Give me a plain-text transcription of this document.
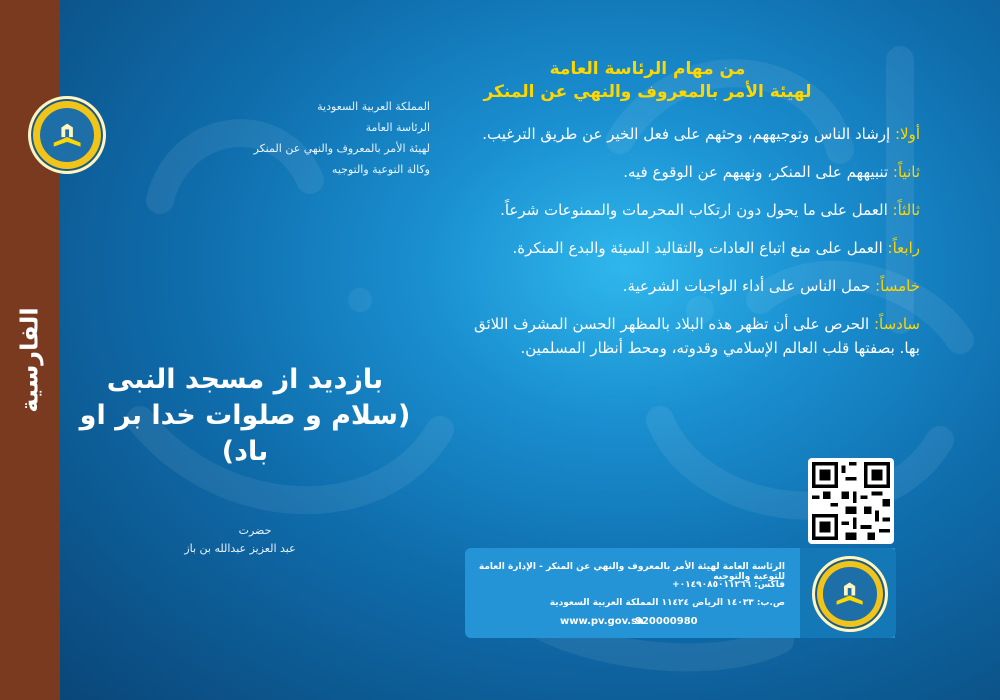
الفارسية
المملكة العربية السعودية
الرئاسة العامة
لهيئة الأمر بالمعروف والنهي عن المنكر
وكالة التوعية والتوجيه
بازديد از مسجد النبى
(سلام و صلوات خدا بر او باد)
حضرت
عبد العزيز عبدالله بن باز
من مهام الرئاسة العامة
لهيئة الأمر بالمعروف والنهي عن المنكر
أولا: إرشاد الناس وتوجيههم، وحثهم على فعل الخير عن طريق الترغيب.
ثانياً: تنبيههم على المنكر، ونهيهم عن الوقوع فيه.
ثالثاً: العمل على ما يحول دون ارتكاب المحرمات والممنوعات شرعاً.
رابعاً: العمل على منع اتباع العادات والتقاليد السيئة والبدع المنكرة.
خامساً: حمل الناس على أداء الواجبات الشرعية.
سادساً: الحرص على أن تظهر هذه البلاد بالمظهر الحسن المشرف اللائق بها. بصفتها قلب العالم الإسلامي وقدوته، ومحط أنظار المسلمين.
الرئاسة العامة لهيئة الأمر بالمعروف والنهي عن المنكر - الإدارة العامة للتوعية والتوجيه
فاكس: ٠١٤٩٠٨٥٠١١٢٦٦+
ص.ب: ١٤٠٣٣ الرياض ١١٤٢٤ المملكة العربية السعودية
www.pv.gov.sa
920000980
